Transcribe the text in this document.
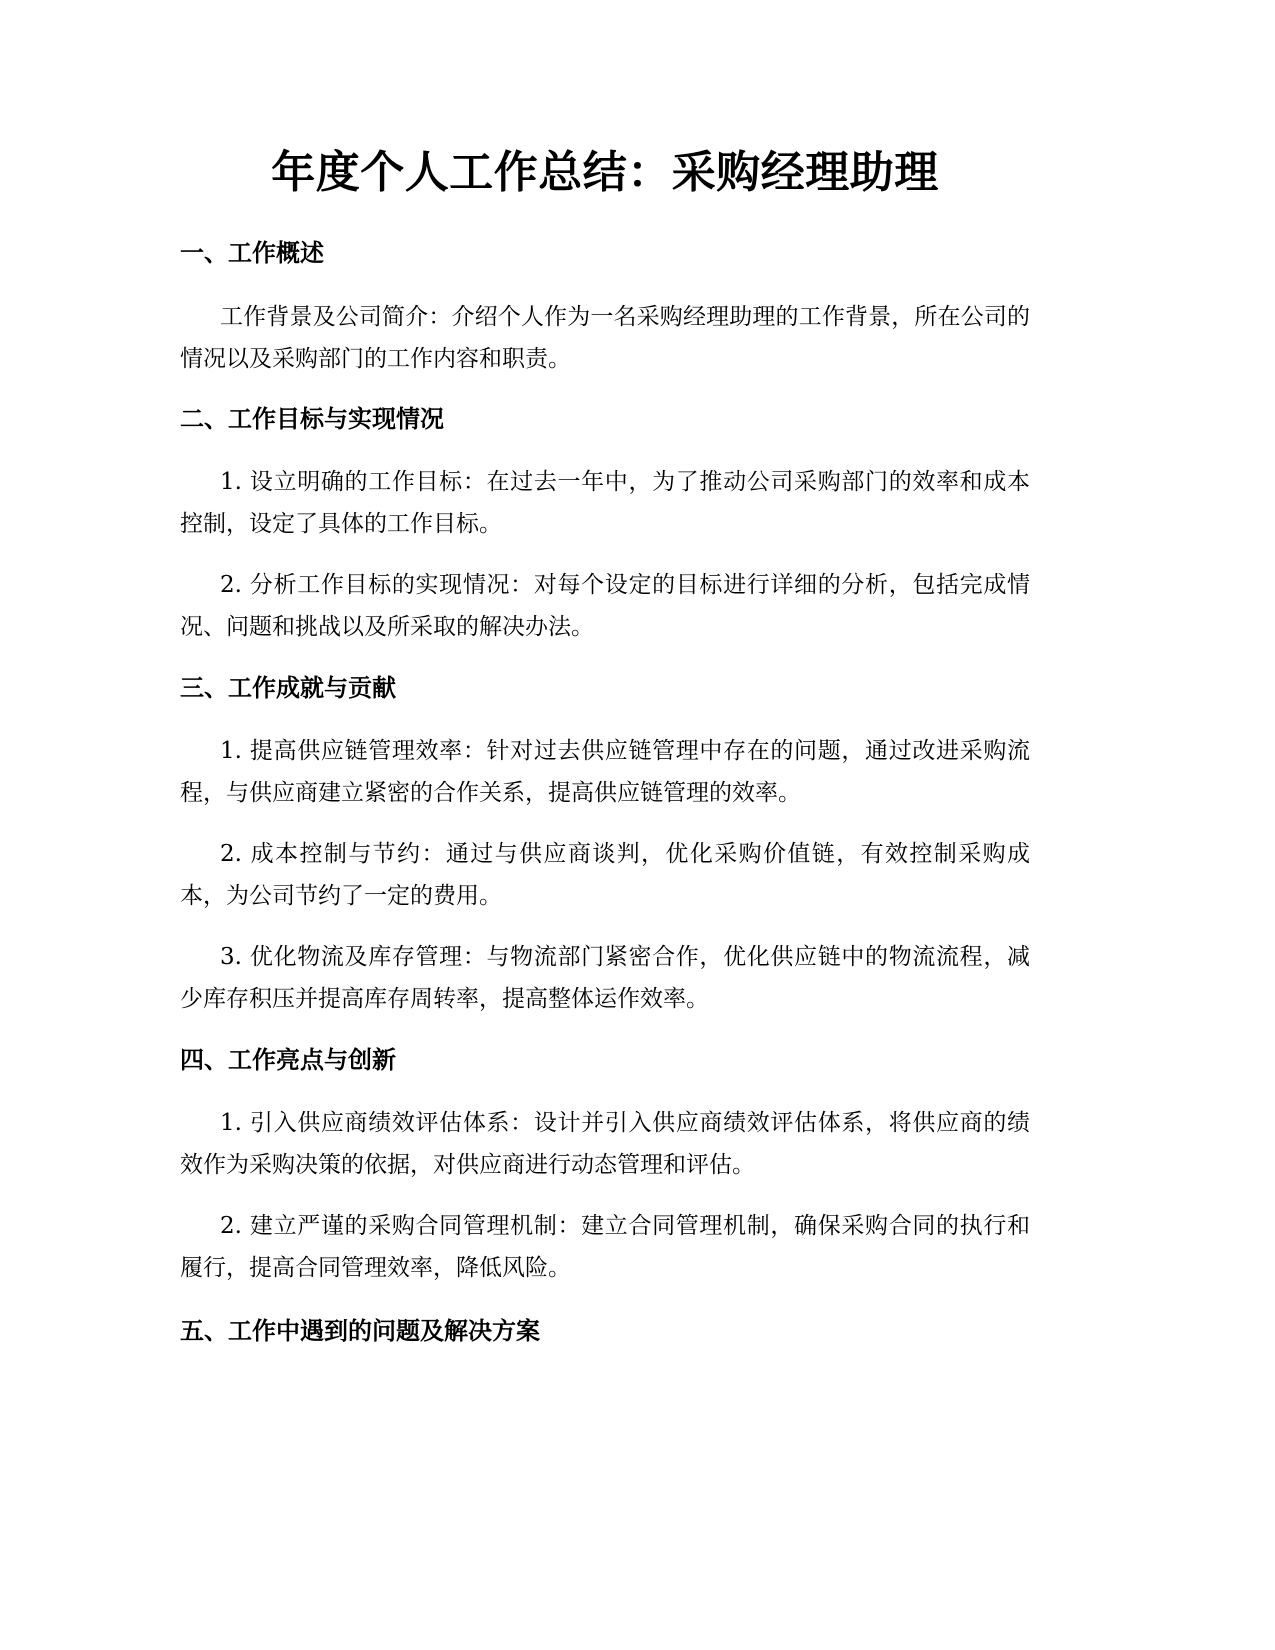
年度个人工作总结：采购经理助理
一、工作概述

工作背景及公司简介：介绍个人作为一名采购经理助理的工作背景，所在公司的情况以及采购部门的工作内容和职责。

二、工作目标与实现情况

1. 设立明确的工作目标：在过去一年中，为了推动公司采购部门的效率和成本控制，设定了具体的工作目标。

2. 分析工作目标的实现情况：对每个设定的目标进行详细的分析，包括完成情况、问题和挑战以及所采取的解决办法。

三、工作成就与贡献

1. 提高供应链管理效率：针对过去供应链管理中存在的问题，通过改进采购流程，与供应商建立紧密的合作关系，提高供应链管理的效率。

2. 成本控制与节约：通过与供应商谈判，优化采购价值链，有效控制采购成本，为公司节约了一定的费用。

3. 优化物流及库存管理：与物流部门紧密合作，优化供应链中的物流流程，减少库存积压并提高库存周转率，提高整体运作效率。

四、工作亮点与创新

1. 引入供应商绩效评估体系：设计并引入供应商绩效评估体系，将供应商的绩效作为采购决策的依据，对供应商进行动态管理和评估。

2. 建立严谨的采购合同管理机制：建立合同管理机制，确保采购合同的执行和履行，提高合同管理效率，降低风险。

五、工作中遇到的问题及解决方案
